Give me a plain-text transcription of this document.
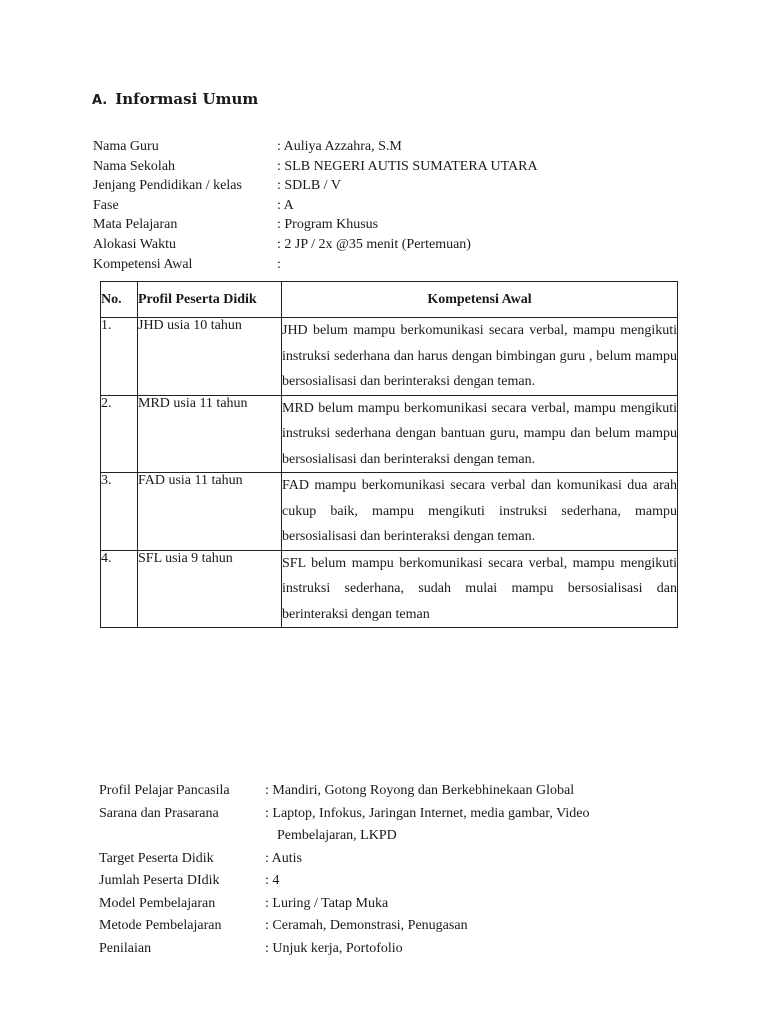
A. Informasi Umum
Nama Guru	: Auliya Azzahra, S.M
Nama Sekolah	: SLB NEGERI AUTIS SUMATERA UTARA
Jenjang Pendidikan / kelas	: SDLB / V
Fase	: A
Mata Pelajaran	: Program Khusus
Alokasi Waktu	: 2 JP / 2x @35 menit (Pertemuan)
Kompetensi Awal	:
No.	Profil Peserta Didik	Kompetensi Awal
1.	JHD usia 10 tahun	JHD belum mampu berkomunikasi secara verbal, mampu mengikuti instruksi sederhana dan harus dengan bimbingan guru , belum mampu bersosialisasi dan berinteraksi dengan teman.
2.	MRD usia 11 tahun	MRD belum mampu berkomunikasi secara verbal, mampu mengikuti instruksi sederhana dengan bantuan guru, mampu dan belum mampu bersosialisasi dan berinteraksi dengan teman.
3.	FAD usia 11 tahun	FAD mampu berkomunikasi secara verbal dan komunikasi dua arah cukup baik, mampu mengikuti instruksi sederhana, mampu bersosialisasi dan berinteraksi dengan teman.
4.	SFL usia 9 tahun	SFL belum mampu berkomunikasi secara verbal, mampu mengikuti instruksi sederhana, sudah mulai mampu bersosialisasi dan berinteraksi dengan teman
Profil Pelajar Pancasila	: Mandiri, Gotong Royong dan Berkebhinekaan Global
Sarana dan Prasarana	: Laptop, Infokus, Jaringan Internet, media gambar, Video
Pembelajaran, LKPD
Target Peserta Didik	: Autis
Jumlah Peserta DIdik	: 4
Model Pembelajaran	: Luring / Tatap Muka
Metode Pembelajaran	: Ceramah, Demonstrasi, Penugasan
Penilaian	: Unjuk kerja, Portofolio
